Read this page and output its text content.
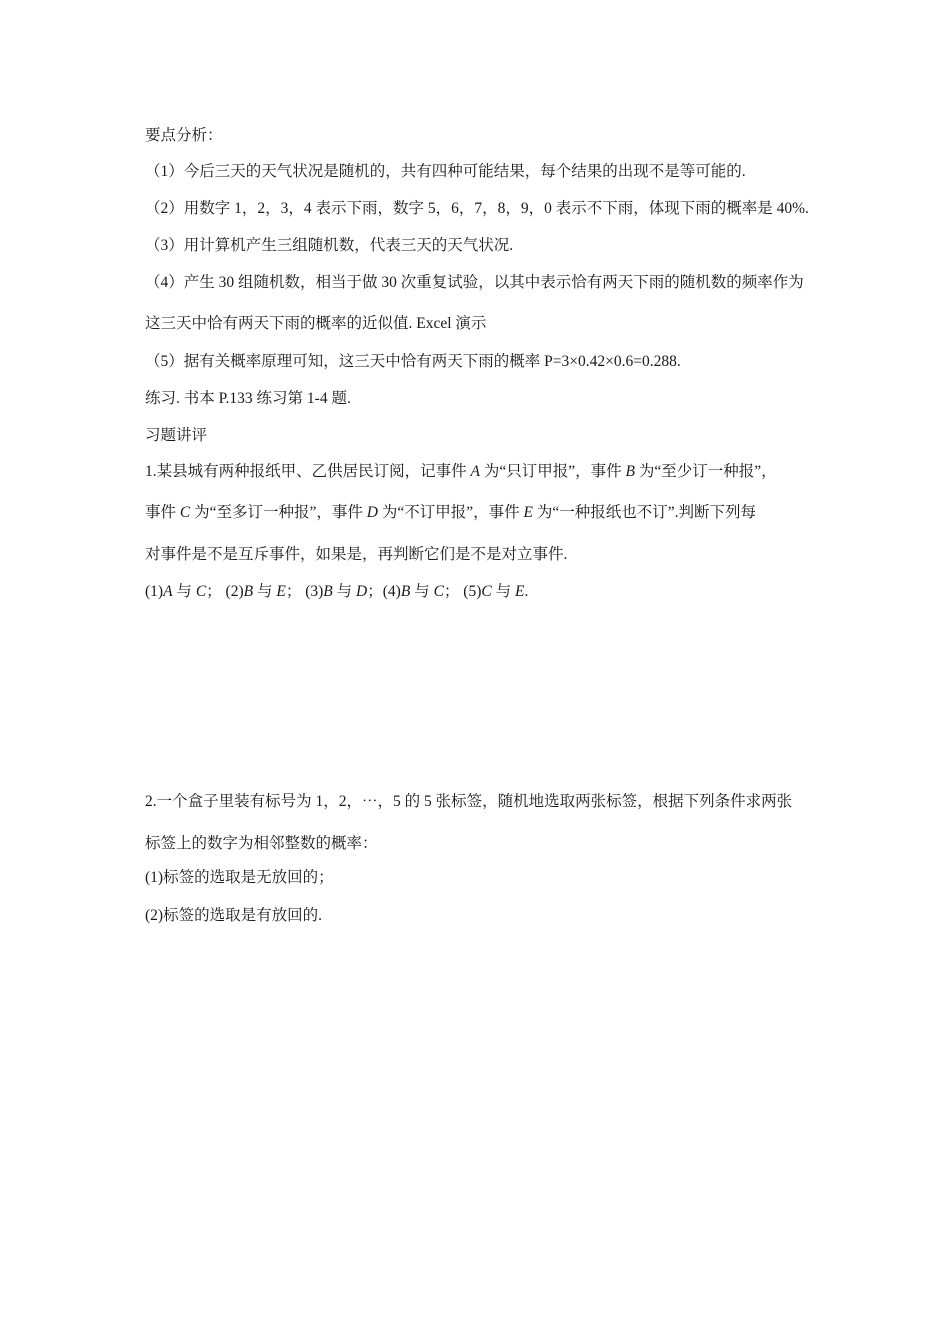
要点分析：
（1）今后三天的天气状况是随机的，共有四种可能结果，每个结果的出现不是等可能的.
（2）用数字 1，2，3，4 表示下雨，数字 5，6，7，8，9，0 表示不下雨，体现下雨的概率是 40%.
（3）用计算机产生三组随机数，代表三天的天气状况.
（4）产生 30 组随机数，相当于做 30 次重复试验，以其中表示恰有两天下雨的随机数的频率作为
这三天中恰有两天下雨的概率的近似值. Excel 演示
（5）据有关概率原理可知，这三天中恰有两天下雨的概率 P=3×0.42×0.6=0.288.
练习. 书本 P.133 练习第 1-4 题.
习题讲评
1.某县城有两种报纸甲、乙供居民订阅，记事件 A 为“只订甲报”，事件 B 为“至少订一种报”，
事件 C 为“至多订一种报”，事件 D 为“不订甲报”，事件 E 为“一种报纸也不订”.判断下列每
对事件是不是互斥事件，如果是，再判断它们是不是对立事件.
(1)A 与 C； (2)B 与 E； (3)B 与 D；(4)B 与 C； (5)C 与 E.
2.一个盒子里装有标号为 1，2，⋯，5 的 5 张标签，随机地选取两张标签，根据下列条件求两张
标签上的数字为相邻整数的概率：
(1)标签的选取是无放回的；
(2)标签的选取是有放回的.
